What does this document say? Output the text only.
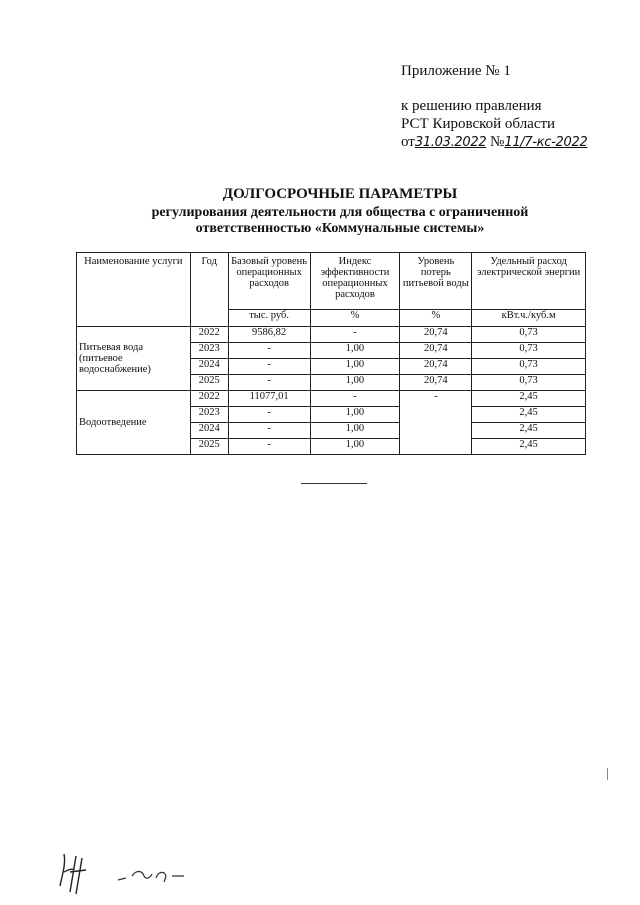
Приложение № 1
к решению правления
РСТ Кировской области
от31.03.2022 №11/7-кс-2022
ДОЛГОСРОЧНЫЕ ПАРАМЕТРЫ
регулирования деятельности для общества с ограниченной
ответственностью «Коммунальные системы»
Наименование услуги	Год	Базовый уровень операционных расходов	Индекс эффективности операционных расходов	Уровень потерь питьевой воды	Удельный расход электрической энергии
		тыс. руб.	%	%	кВт.ч./куб.м
Питьевая вода (питьевое водоснабжение)	2022	9586,82	-	20,74	0,73
	2023	-	1,00	20,74	0,73
	2024	-	1,00	20,74	0,73
	2025	-	1,00	20,74	0,73
Водоотведение	2022	11077,01	-	-	2,45
	2023	-	1,00		2,45
	2024	-	1,00		2,45
	2025	-	1,00		2,45
